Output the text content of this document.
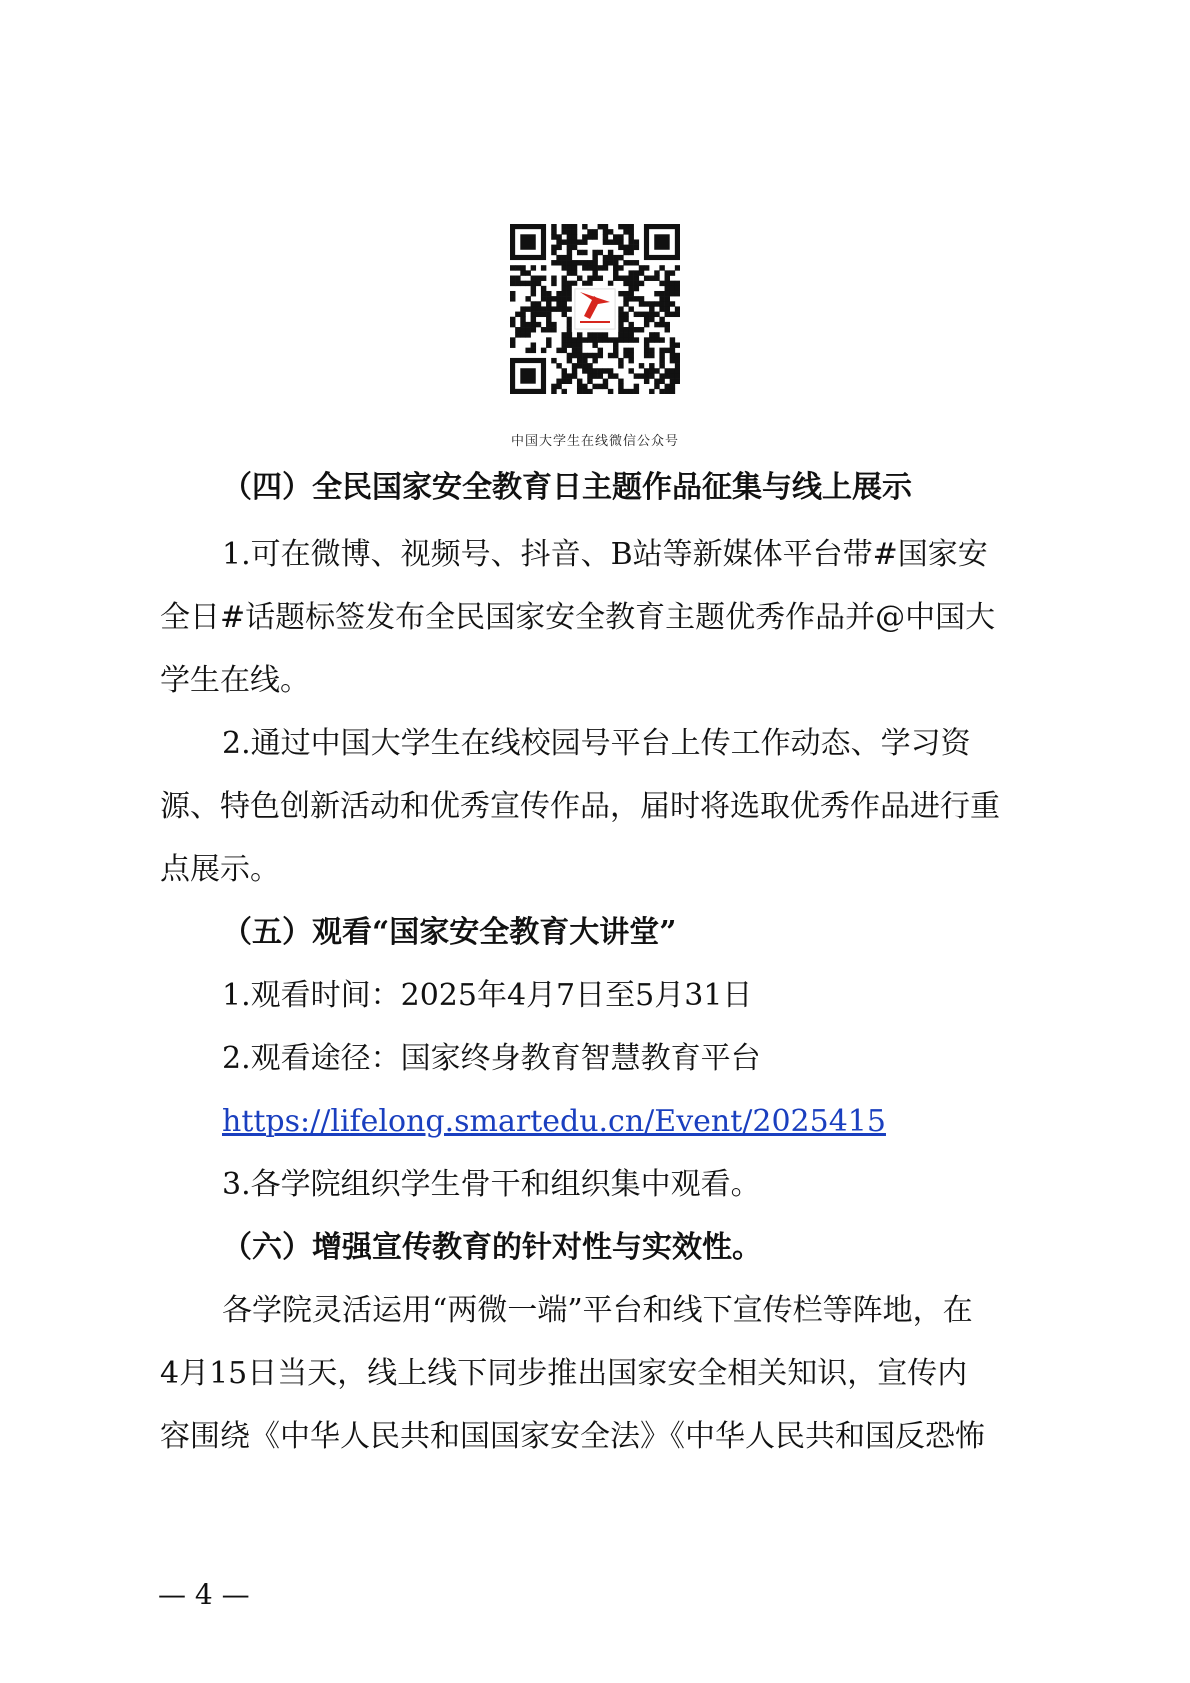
中国大学生在线微信公众号
（四）全民国家安全教育日主题作品征集与线上展示
1.可在微博、视频号、抖音、B站等新媒体平台带#国家安
全日#话题标签发布全民国家安全教育主题优秀作品并@中国大
学生在线。
2.通过中国大学生在线校园号平台上传工作动态、学习资
源、特色创新活动和优秀宣传作品，届时将选取优秀作品进行重
点展示。
（五）观看“国家安全教育大讲堂”
1.观看时间：2025年4月7日至5月31日
2.观看途径：国家终身教育智慧教育平台
https://lifelong.smartedu.cn/Event/2025415
3.各学院组织学生骨干和组织集中观看。
（六）增强宣传教育的针对性与实效性。
各学院灵活运用“两微一端”平台和线下宣传栏等阵地，在
4月15日当天，线上线下同步推出国家安全相关知识，宣传内
容围绕《中华人民共和国国家安全法》《中华人民共和国反恐怖
— 4 —
